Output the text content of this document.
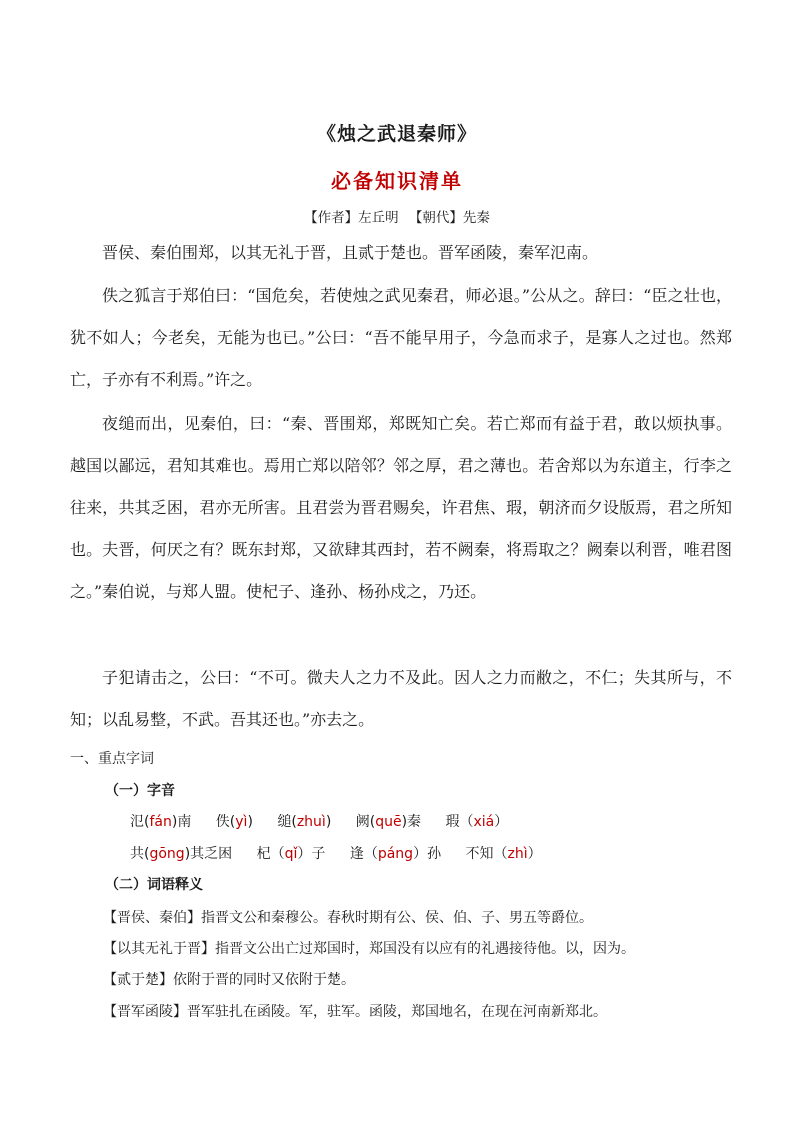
《烛之武退秦师》
必备知识清单
【作者】左丘明 【朝代】先秦

晋侯、秦伯围郑，以其无礼于晋，且贰于楚也。晋军函陵，秦军氾南。

佚之狐言于郑伯曰：“国危矣，若使烛之武见秦君，师必退。”公从之。辞曰：“臣之壮也，犹不如人；今老矣，无能为也已。”公曰：“吾不能早用子，今急而求子，是寡人之过也。然郑亡，子亦有不利焉。”许之。

夜缒而出，见秦伯，曰：“秦、晋围郑，郑既知亡矣。若亡郑而有益于君，敢以烦执事。越国以鄙远，君知其难也。焉用亡郑以陪邻？邻之厚，君之薄也。若舍郑以为东道主，行李之往来，共其乏困，君亦无所害。且君尝为晋君赐矣，许君焦、瑕，朝济而夕设版焉，君之所知也。夫晋，何厌之有？既东封郑，又欲肆其西封，若不阙秦，将焉取之？阙秦以利晋，唯君图之。”秦伯说，与郑人盟。使杞子、逢孙、杨孙戍之，乃还。

子犯请击之，公曰：“不可。微夫人之力不及此。因人之力而敝之，不仁；失其所与，不知；以乱易整，不武。吾其还也。”亦去之。

一、重点字词
（一）字音
氾(fán)南 佚(yì) 缒(zhuì) 阙(quē)秦 瑕（xiá）
共(gōng)其乏困 杞（qǐ）子 逢（páng）孙 不知（zhì）
（二）词语释义
【晋侯、秦伯】指晋文公和秦穆公。春秋时期有公、侯、伯、子、男五等爵位。
【以其无礼于晋】指晋文公出亡过郑国时，郑国没有以应有的礼遇接待他。以，因为。
【贰于楚】依附于晋的同时又依附于楚。
【晋军函陵】晋军驻扎在函陵。军，驻军。函陵，郑国地名，在现在河南新郑北。
